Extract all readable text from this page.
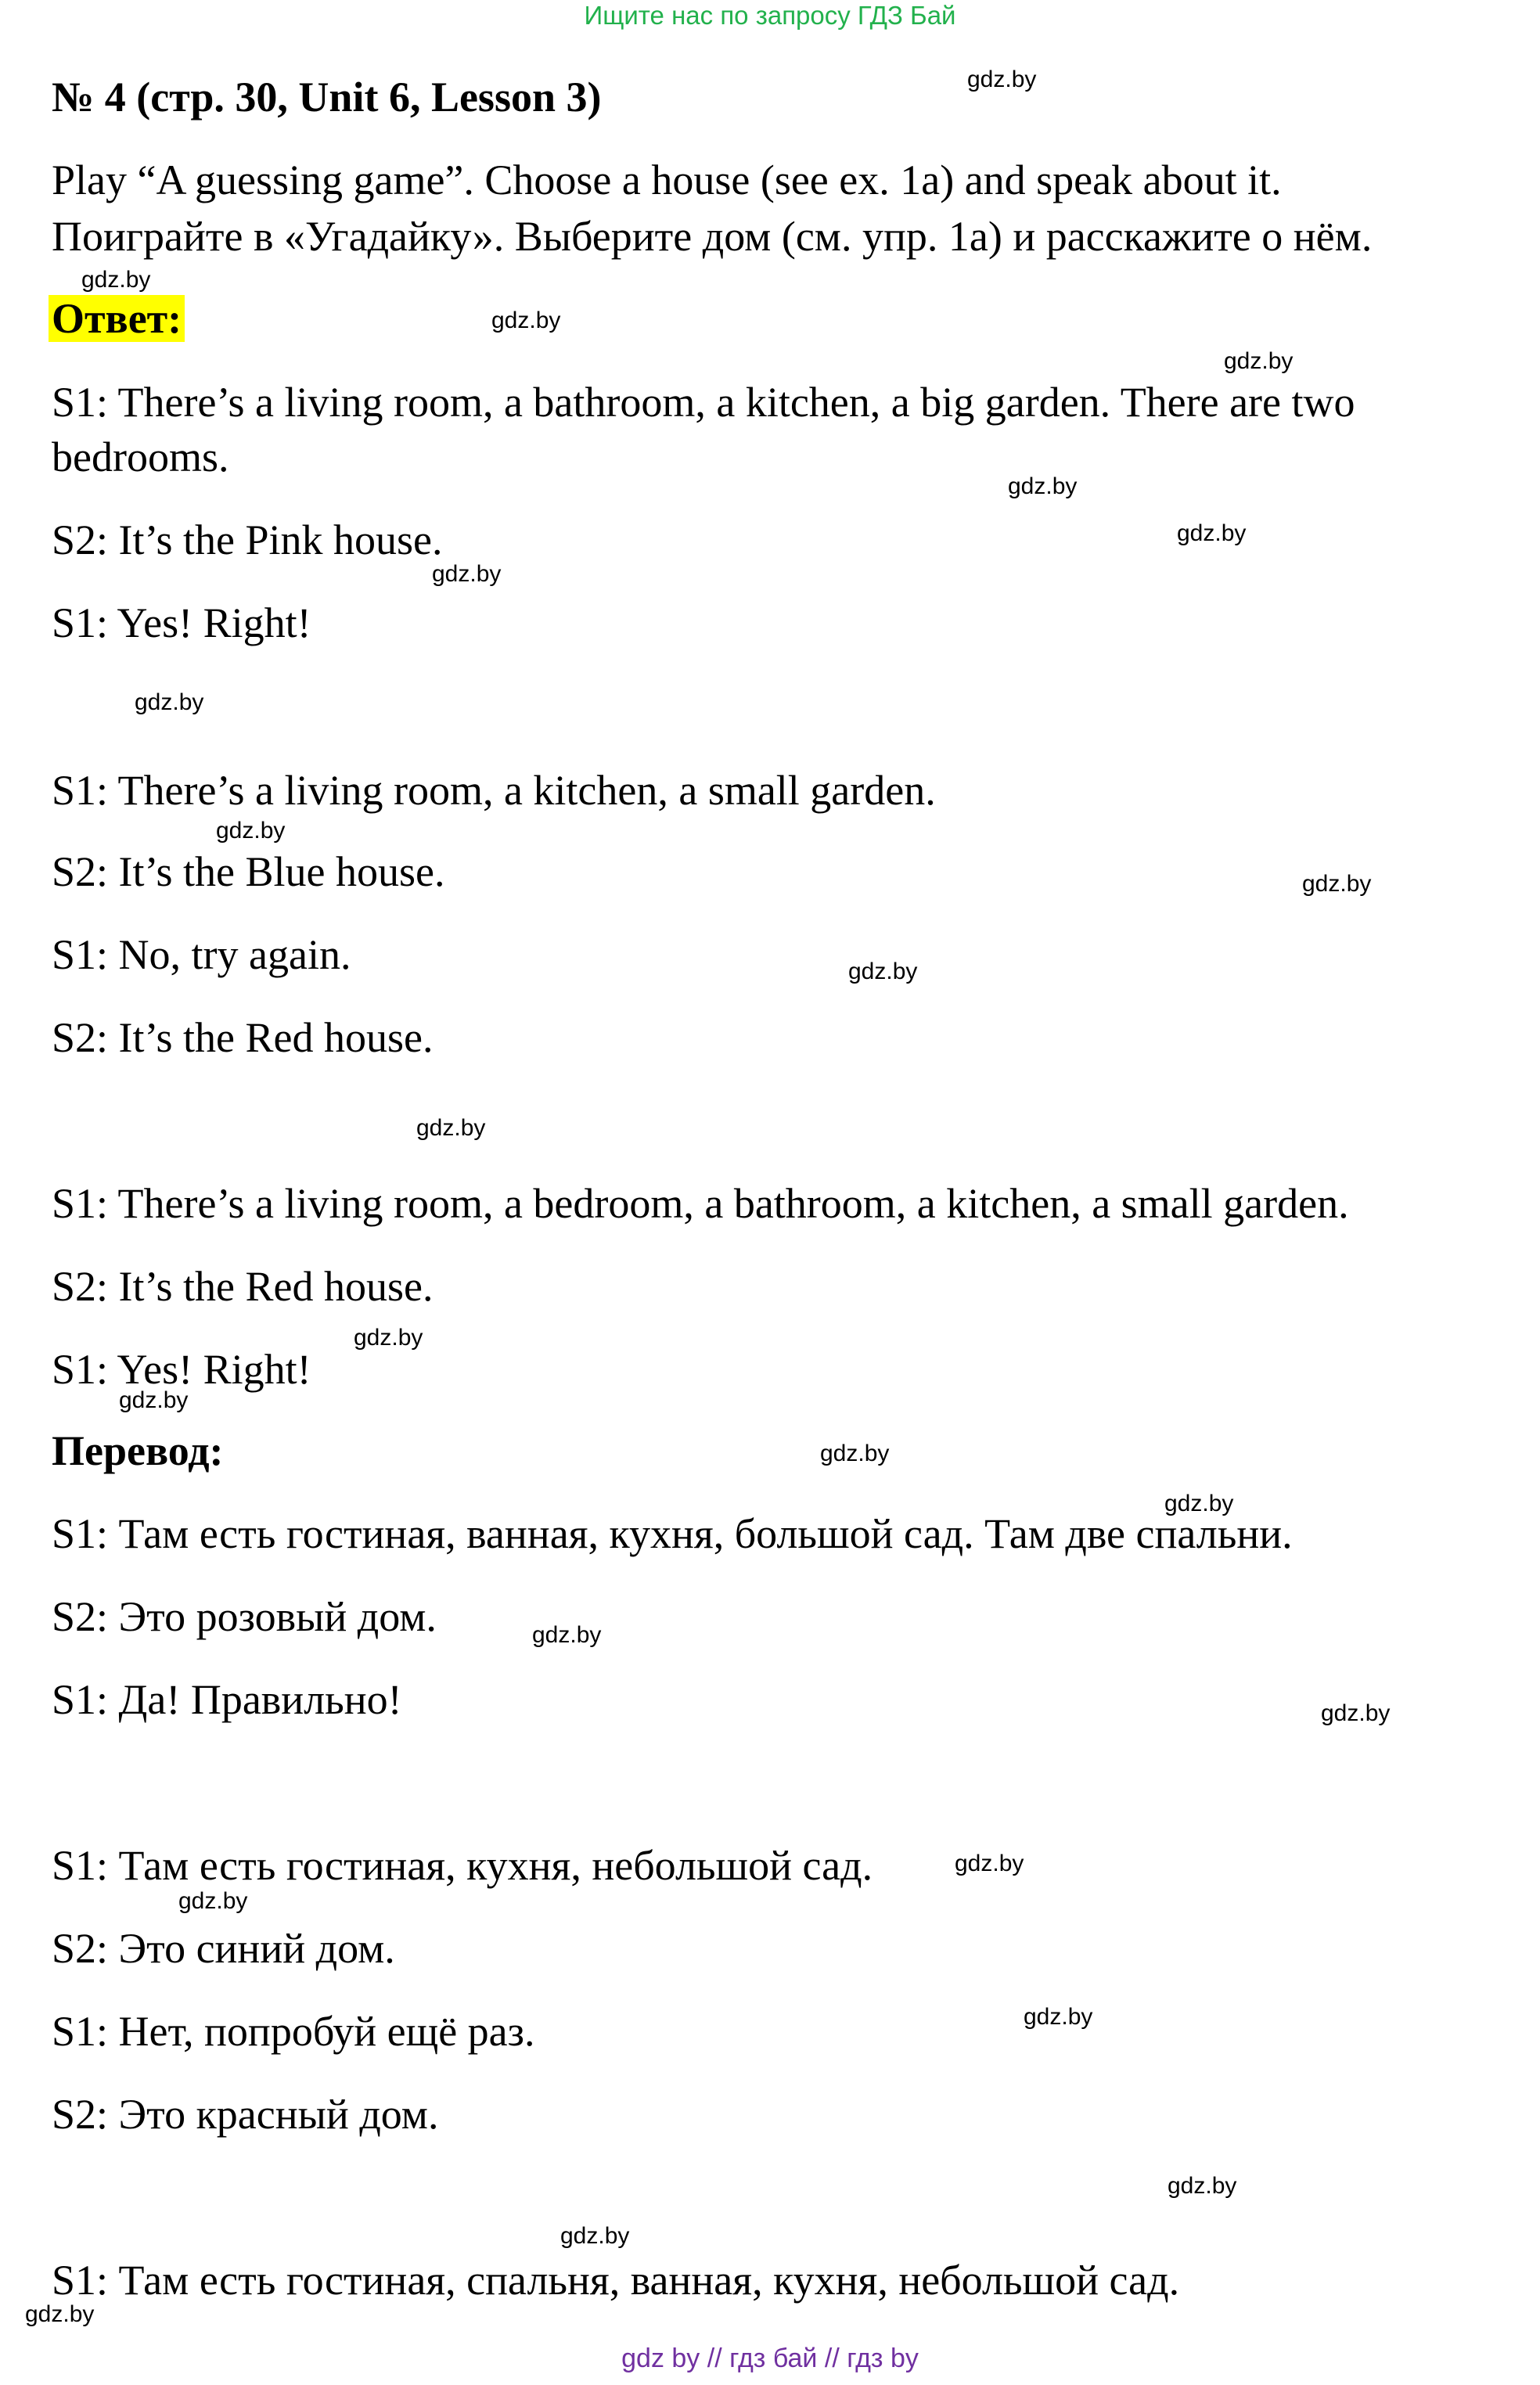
Ищите нас по запросу ГДЗ Бай
№ 4 (стр. 30, Unit 6, Lesson 3)
Play “A guessing game”. Choose a house (see ex. 1a) and speak about it.
Поиграйте в «Угадайку». Выберите дом (см. упр. 1а) и расскажите о нём.
Ответ:
S1: There’s a living room, a bathroom, a kitchen, a big garden. There are two
bedrooms.
S2: It’s the Pink house.
S1: Yes! Right!
S1: There’s a living room, a kitchen, a small garden.
S2: It’s the Blue house.
S1: No, try again.
S2: It’s the Red house.
S1: There’s a living room, a bedroom, a bathroom, a kitchen, a small garden.
S2: It’s the Red house.
S1: Yes! Right!
Перевод:
S1: Там есть гостиная, ванная, кухня, большой сад. Там две спальни.
S2: Это розовый дом.
S1: Да! Правильно!
S1: Там есть гостиная, кухня, небольшой сад.
S2: Это синий дом.
S1: Нет, попробуй ещё раз.
S2: Это красный дом.
S1: Там есть гостиная, спальня, ванная, кухня, небольшой сад.
gdz.by
gdz.by
gdz.by
gdz.by
gdz.by
gdz.by
gdz.by
gdz.by
gdz.by
gdz.by
gdz.by
gdz.by
gdz.by
gdz.by
gdz.by
gdz.by
gdz.by
gdz.by
gdz.by
gdz.by
gdz.by
gdz.by
gdz.by
gdz.by
gdz by // гдз бай // гдз by
